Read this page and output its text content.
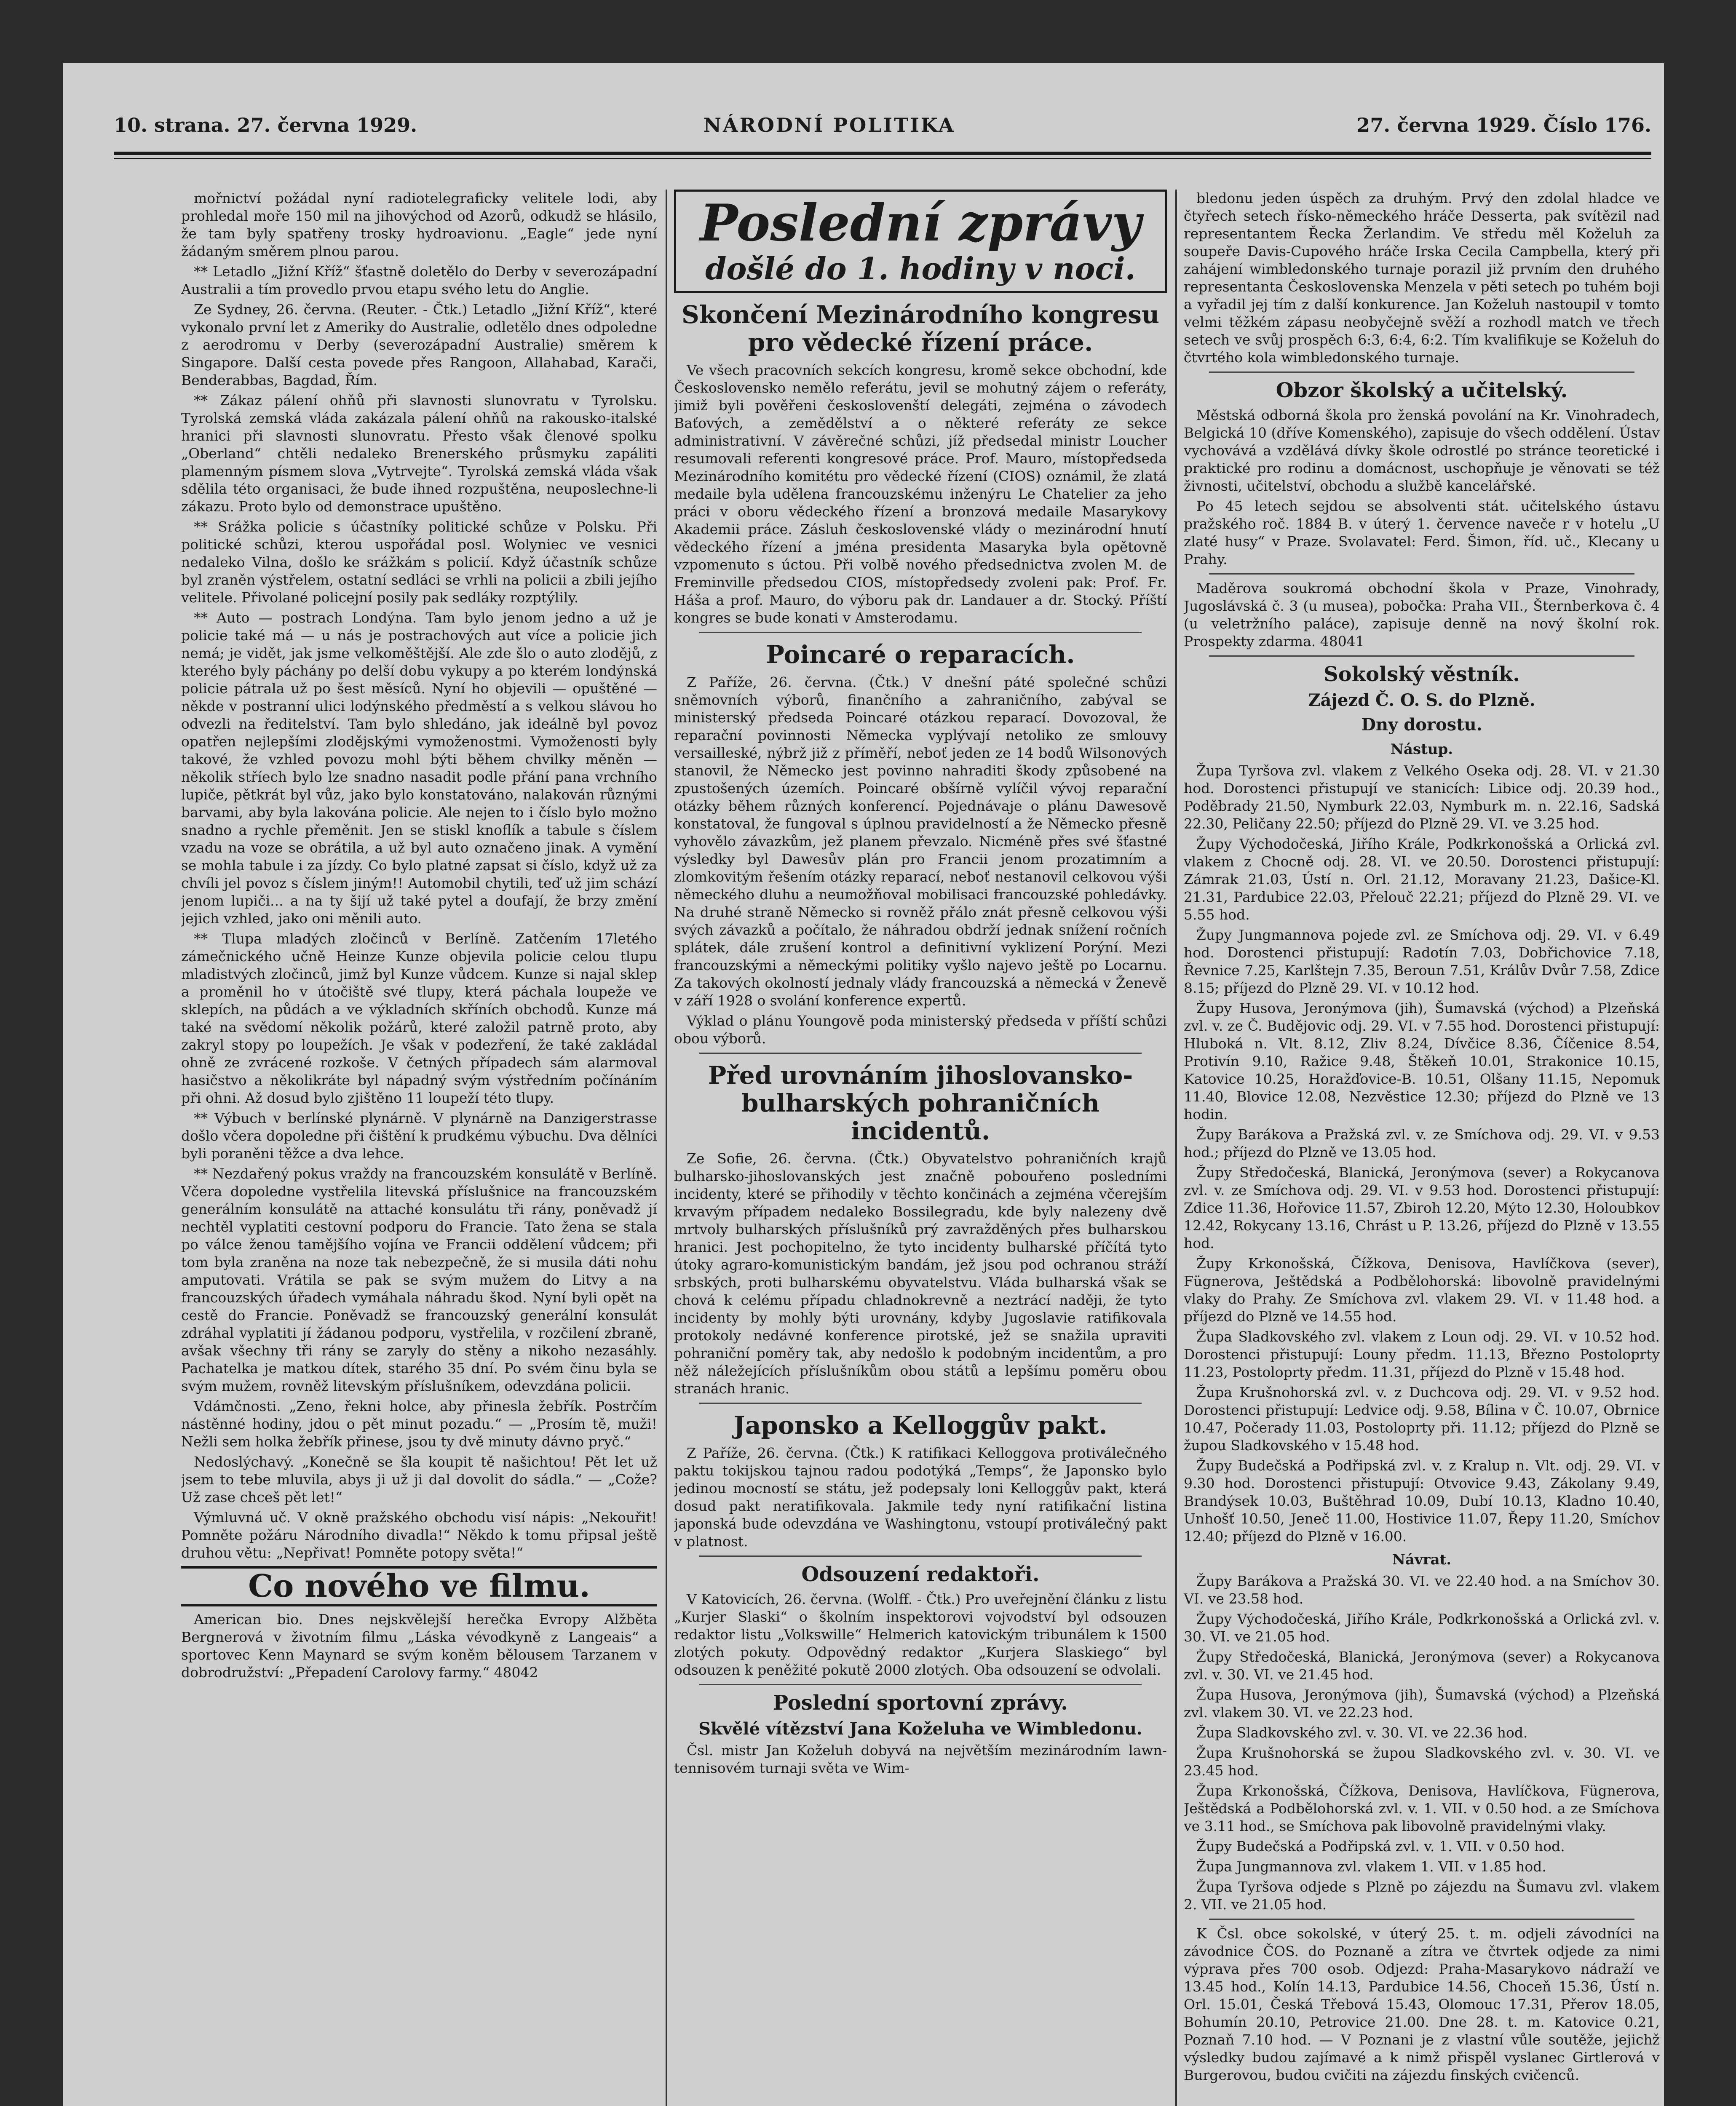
10. strana. 27. června 1929.	NÁRODNÍ POLITIKA	27. června 1929. Číslo 176.

mořnictví požádal nyní radiotelegraficky velitele lodi, aby prohledal moře 150 mil na jihovýchod od Azorů, odkudž se hlásilo, že tam byly spatřeny trosky hydroavionu. „Eagle“ jede nyní žádaným směrem plnou parou.

** Letadlo „Jižní Kříž“ šťastně doletělo do Derby v severozápadní Australii a tím provedlo prvou etapu svého letu do Anglie.

Ze Sydney, 26. června. (Reuter. - Čtk.) Letadlo „Jižní Kříž“, které vykonalo první let z Ameriky do Australie, odletělo dnes odpoledne z aerodromu v Derby (severozápadní Australie) směrem k Singapore. Další cesta povede přes Rangoon, Allahabad, Karači, Benderabbas, Bagdad, Řím.

** Zákaz pálení ohňů při slavnosti slunovratu v Tyrolsku. Tyrolská zemská vláda zakázala pálení ohňů na rakousko-italské hranici při slavnosti slunovratu. Přesto však členové spolku „Oberland“ chtěli nedaleko Brenerského průsmyku zapáliti plamenným písmem slova „Vytrvejte“. Tyrolská zemská vláda však sdělila této organisaci, že bude ihned rozpuštěna, neuposlechne-li zákazu. Proto bylo od demonstrace upuštěno.

** Srážka policie s účastníky politické schůze v Polsku. Při politické schůzi, kterou uspořádal posl. Wolyniec ve vesnici nedaleko Vilna, došlo ke srážkám s policií. Když účastník schůze byl zraněn výstřelem, ostatní sedláci se vrhli na policii a zbili jejího velitele. Přivolané policejní posily pak sedláky rozptýlily.

** Auto — postrach Londýna. Tam bylo jenom jedno a už je policie také má — u nás je postrachových aut více a policie jich nemá; je vidět, jak jsme velkoměštější. Ale zde šlo o auto zlodějů, z kterého byly páchány po delší dobu vykupy a po kterém londýnská policie pátrala už po šest měsíců. Nyní ho objevili — opuštěné — někde v postranní ulici lodýnského předměstí a s velkou slávou ho odvezli na ředitelství. Tam bylo shledáno, jak ideálně byl povoz opatřen nejlepšími zlodějskými vymoženostmi. Vymoženosti byly takové, že vzhled povozu mohl býti během chvilky měněn — několik stříech bylo lze snadno nasadit podle přání pana vrchního lupiče, pětkrát byl vůz, jako bylo konstatováno, nalakován různými barvami, aby byla lakována policie. Ale nejen to i číslo bylo možno snadno a rychle přeměnit. Jen se stiskl knoflík a tabule s číslem vzadu na voze se obrátila, a už byl auto označeno jinak. A vymění se mohla tabule i za jízdy. Co bylo platné zapsat si číslo, když už za chvíli jel povoz s číslem jiným!! Automobil chytili, teď už jim schází jenom lupiči... a na ty šijí už také pytel a doufají, že brzy změní jejich vzhled, jako oni měnili auto.

** Tlupa mladých zločinců v Berlíně. Zatčením 17letého zámečnického učně Heinze Kunze objevila policie celou tlupu mladistvých zločinců, jimž byl Kunze vůdcem. Kunze si najal sklep a proměnil ho v útočiště své tlupy, která páchala loupeže ve sklepích, na půdách a ve výkladních skříních obchodů. Kunze má také na svědomí několik požárů, které založil patrně proto, aby zakryl stopy po loupežích. Je však v podezření, že také zakládal ohně ze zvrácené rozkoše. V četných případech sám alarmoval hasičstvo a několikráte byl nápadný svým výstředním počínáním při ohni. Až dosud bylo zjištěno 11 loupeží této tlupy.

** Výbuch v berlínské plynárně. V plynárně na Danzigerstrasse došlo včera dopoledne při čištění k prudkému výbuchu. Dva dělníci byli poraněni těžce a dva lehce.

** Nezdařený pokus vraždy na francouzském konsulátě v Berlíně. Včera dopoledne vystřelila litevská příslušnice na francouzském generálním konsulátě na attaché konsulátu tři rány, poněvadž jí nechtěl vyplatiti cestovní podporu do Francie. Tato žena se stala po válce ženou tamějšího vojína ve Francii oddělení vůdcem; při tom byla zraněna na noze tak nebezpečně, že si musila dáti nohu amputovati. Vrátila se pak se svým mužem do Litvy a na francouzských úřadech vymáhala náhradu škod. Nyní byli opět na cestě do Francie. Poněvadž se francouzský generální konsulát zdráhal vyplatiti jí žádanou podporu, vystřelila, v rozčilení zbraně, avšak všechny tři rány se zaryly do stěny a nikoho nezasáhly. Pachatelka je matkou dítek, starého 35 dní. Po svém činu byla se svým mužem, rovněž litevským příslušníkem, odevzdána policii.

Vdámčnosti. „Zeno, řekni holce, aby přinesla žebřík. Postrčím nástěnné hodiny, jdou o pět minut pozadu.“ — „Prosím tě, muži! Nežli sem holka žebřík přinese, jsou ty dvě minuty dávno pryč.“

Nedoslýchavý. „Konečně se šla koupit tě našichtou! Pět let už jsem to tebe mluvila, abys ji už ji dal dovolit do sádla.“ — „Cože? Už zase chceš pět let!“

Výmluvná uč. V okně pražského obchodu visí nápis: „Nekouřit! Pomněte požáru Národního divadla!“ Někdo k tomu připsal ještě druhou větu: „Nepřivat! Pomněte potopy světa!“

Co nového ve filmu.

American bio. Dnes nejskvělejší herečka Evropy Alžběta Bergnerová v životním filmu „Láska vévodkyně z Langeais“ a sportovec Kenn Maynard se svým koněm bělousem Tarzanem v dobrodružství: „Přepadení Carolovy farmy.“ 48042

Poslední zprávy
došlé do 1. hodiny v noci.
Skončení Mezinárodního kongresu pro vědecké řízení práce.

Ve všech pracovních sekcích kongresu, kromě sekce obchodní, kde Československo nemělo referátu, jevil se mohutný zájem o referáty, jimiž byli pověřeni českoslovenští delegáti, zejména o závodech Baťových, a zemědělství a o některé referáty ze sekce administrativní. V závěrečné schůzi, jíž předsedal ministr Loucher resumovali referenti kongresové práce. Prof. Mauro, místopředseda Mezinárodního komitétu pro vědecké řízení (CIOS) oznámil, že zlatá medaile byla udělena francouzskému inženýru Le Chatelier za jeho práci v oboru vědeckého řízení a bronzová medaile Masarykovy Akademii práce. Zásluh československé vlády o mezinárodní hnutí vědeckého řízení a jména presidenta Masaryka byla opětovně vzpomenuto s úctou. Při volbě nového předsednictva zvolen M. de Freminville předsedou CIOS, místopředsedy zvoleni pak: Prof. Fr. Háša a prof. Mauro, do výboru pak dr. Landauer a dr. Stocký. Příští kongres se bude konati v Amsterodamu.

Poincaré o reparacích.

Z Paříže, 26. června. (Čtk.) V dnešní páté společné schůzi sněmovních výborů, finančního a zahraničního, zabýval se ministerský předseda Poincaré otázkou reparací. Dovozoval, že reparační povinnosti Německa vyplývají netoliko ze smlouvy versailleské, nýbrž již z příměří, neboť jeden ze 14 bodů Wilsonových stanovil, že Německo jest povinno nahraditi škody způsobené na zpustošených územích. Poincaré obšírně vylíčil vývoj reparační otázky během různých konferencí. Pojednávaje o plánu Dawesově konstatoval, že fungoval s úplnou pravidelností a že Německo přesně vyhovělo závazkům, jež planem převzalo. Nicméně přes své šťastné výsledky byl Dawesův plán pro Francii jenom prozatimním a zlomkovitým řešením otázky reparací, neboť nestanovil celkovou výši německého dluhu a neumožňoval mobilisaci francouzské pohledávky. Na druhé straně Německo si rovněž přálo znát přesně celkovou výši svých závazků a počítalo, že náhradou obdrží jednak snížení ročních splátek, dále zrušení kontrol a definitivní vyklizení Porýní. Mezi francouzskými a německými politiky vyšlo najevo ještě po Locarnu. Za takových okolností jednaly vlády francouzská a německá v Ženevě v září 1928 o svolání konference expertů.

Výklad o plánu Youngově poda ministerský předseda v příští schůzi obou výborů.

Před urovnáním jihoslovansko-bulharských pohraničních incidentů.

Ze Sofie, 26. června. (Čtk.) Obyvatelstvo pohraničních krajů bulharsko-jihoslovanských jest značně pobouřeno posledními incidenty, které se přihodily v těchto končinách a zejména včerejším krvavým případem nedaleko Bossilegradu, kde byly nalezeny dvě mrtvoly bulharských příslušníků prý zavražděných přes bulharskou hranici. Jest pochopitelno, že tyto incidenty bulharské příčítá tyto útoky agraro-komunistickým bandám, jež jsou pod ochranou stráží srbských, proti bulharskému obyvatelstvu. Vláda bulharská však se chová k celému případu chladnokrevně a neztrácí naději, že tyto incidenty by mohly býti urovnány, kdyby Jugoslavie ratifikovala protokoly nedávné konference pirotské, jež se snažila upraviti pohraniční poměry tak, aby nedošlo k podobným incidentům, a pro něž náležejících příslušníkům obou států a lepšímu poměru obou stranách hranic.

Japonsko a Kelloggův pakt.

Z Paříže, 26. června. (Čtk.) K ratifikaci Kelloggova protiválečného paktu tokijskou tajnou radou podotýká „Temps“, že Japonsko bylo jedinou mocností se státu, jež podepsaly loni Kelloggův pakt, která dosud pakt neratifikovala. Jakmile tedy nyní ratifikační listina japonská bude odevzdána ve Washingtonu, vstoupí protiválečný pakt v platnost.

Odsouzení redaktoři.

V Katovicích, 26. června. (Wolff. - Čtk.) Pro uveřejnění článku z listu „Kurjer Slaski“ o školním inspektorovi vojvodství byl odsouzen redaktor listu „Volkswille“ Helmerich katovickým tribunálem k 1500 zlotých pokuty. Odpovědný redaktor „Kurjera Slaskiego“ byl odsouzen k peněžité pokutě 2000 zlotých. Oba odsouzení se odvolali.

Poslední sportovní zprávy.
Skvělé vítězství Jana Koželuha ve Wimbledonu.

Čsl. mistr Jan Koželuh dobyvá na největším mezinárodním lawn-tennisovém turnaji světa ve Wim-

bledonu jeden úspěch za druhým. Prvý den zdolal hladce ve čtyřech setech řísko-německého hráče Desserta, pak svítězil nad representantem Řecka Žerlandim. Ve středu měl Koželuh za soupeře Davis-Cupového hráče Irska Cecila Campbella, který při zahájení wimbledonského turnaje porazil již prvním den druhého representanta Československa Menzela v pěti setech po tuhém boji a vyřadil jej tím z další konkurence. Jan Koželuh nastoupil v tomto velmi těžkém zápasu neobyčejně svěží a rozhodl match ve třech setech ve svůj prospěch 6:3, 6:4, 6:2. Tím kvalifikuje se Koželuh do čtvrtého kola wimbledonského turnaje.

Obzor školský a učitelský.

Městská odborná škola pro ženská povolání na Kr. Vinohradech, Belgická 10 (dříve Komenského), zapisuje do všech oddělení. Ústav vychovává a vzdělává dívky škole odrostlé po stránce teoretické i praktické pro rodinu a domácnost, uschopňuje je věnovati se též živnosti, učitelství, obchodu a službě kancelářské.

Po 45 letech sejdou se absolventi stát. učitelského ústavu pražského roč. 1884 B. v úterý 1. července naveče r v hotelu „U zlaté husy“ v Praze. Svolavatel: Ferd. Šimon, říd. uč., Klecany u Prahy.

Maděrova soukromá obchodní škola v Praze, Vinohrady, Jugoslávská č. 3 (u musea), pobočka: Praha VII., Šternberkova č. 4 (u veletržního paláce), zapisuje denně na nový školní rok. Prospekty zdarma. 48041

Sokolský věstník.
Zájezd Č. O. S. do Plzně.
Dny dorostu.
Nástup.

Župa Tyršova zvl. vlakem z Velkého Oseka odj. 28. VI. v 21.30 hod. Dorostenci přistupují ve stanicích: Libice odj. 20.39 hod., Poděbrady 21.50, Nymburk 22.03, Nymburk m. n. 22.16, Sadská 22.30, Peličany 22.50; příjezd do Plzně 29. VI. ve 3.25 hod.

Župy Východočeská, Jiřího Krále, Podkrkonošská a Orlická zvl. vlakem z Chocně odj. 28. VI. ve 20.50. Dorostenci přistupují: Zámrak 21.03, Ústí n. Orl. 21.12, Moravany 21.23, Dašice-Kl. 21.31, Pardubice 22.03, Přelouč 22.21; příjezd do Plzně 29. VI. ve 5.55 hod.

Župy Jungmannova pojede zvl. ze Smíchova odj. 29. VI. v 6.49 hod. Dorostenci přistupují: Radotín 7.03, Dobřichovice 7.18, Řevnice 7.25, Karlštejn 7.35, Beroun 7.51, Králův Dvůr 7.58, Zdice 8.15; příjezd do Plzně 29. VI. v 10.12 hod.

Župy Husova, Jeronýmova (jih), Šumavská (východ) a Plzeňská zvl. v. ze Č. Budějovic odj. 29. VI. v 7.55 hod. Dorostenci přistupují: Hluboká n. Vlt. 8.12, Zliv 8.24, Dívčice 8.36, Číčenice 8.54, Protivín 9.10, Ražice 9.48, Štěkeň 10.01, Strakonice 10.15, Katovice 10.25, Horažďovice-B. 10.51, Olšany 11.15, Nepomuk 11.40, Blovice 12.08, Nezvěstice 12.30; příjezd do Plzně ve 13 hodin.

Župy Barákova a Pražská zvl. v. ze Smíchova odj. 29. VI. v 9.53 hod.; příjezd do Plzně ve 13.05 hod.

Župy Středočeská, Blanická, Jeronýmova (sever) a Rokycanova zvl. v. ze Smíchova odj. 29. VI. v 9.53 hod. Dorostenci přistupují: Zdice 11.36, Hořovice 11.57, Zbiroh 12.20, Mýto 12.30, Holoubkov 12.42, Rokycany 13.16, Chrást u P. 13.26, příjezd do Plzně v 13.55 hod.

Župy Krkonošská, Čížkova, Denisova, Havlíčkova (sever), Fügnerova, Ještědská a Podbělohorská: libovolně pravidelnými vlaky do Prahy. Ze Smíchova zvl. vlakem 29. VI. v 11.48 hod. a příjezd do Plzně ve 14.55 hod.

Župa Sladkovského zvl. vlakem z Loun odj. 29. VI. v 10.52 hod. Dorostenci přistupují: Louny předm. 11.13, Březno Postoloprty 11.23, Postoloprty předm. 11.31, příjezd do Plzně v 15.48 hod.

Župa Krušnohorská zvl. v. z Duchcova odj. 29. VI. v 9.52 hod. Dorostenci přistupují: Ledvice odj. 9.58, Bílina v Č. 10.07, Obrnice 10.47, Počerady 11.03, Postoloprty při. 11.12; příjezd do Plzně se župou Sladkovského v 15.48 hod.

Župy Budečská a Podřipská zvl. v. z Kralup n. Vlt. odj. 29. VI. v 9.30 hod. Dorostenci přistupují: Otvovice 9.43, Zákolany 9.49, Brandýsek 10.03, Buštěhrad 10.09, Dubí 10.13, Kladno 10.40, Unhošť 10.50, Jeneč 11.00, Hostivice 11.07, Řepy 11.20, Smíchov 12.40; příjezd do Plzně v 16.00.

Návrat.

Župy Barákova a Pražská 30. VI. ve 22.40 hod. a na Smíchov 30. VI. ve 23.58 hod.

Župy Východočeská, Jiřího Krále, Podkrkonošská a Orlická zvl. v. 30. VI. ve 21.05 hod.

Župy Středočeská, Blanická, Jeronýmova (sever) a Rokycanova zvl. v. 30. VI. ve 21.45 hod.

Župa Husova, Jeronýmova (jih), Šumavská (východ) a Plzeňská zvl. vlakem 30. VI. ve 22.23 hod.

Župa Sladkovského zvl. v. 30. VI. ve 22.36 hod.

Župa Krušnohorská se župou Sladkovského zvl. v. 30. VI. ve 23.45 hod.

Župa Krkonošská, Čížkova, Denisova, Havlíčkova, Fügnerova, Ještědská a Podbělohorská zvl. v. 1. VII. v 0.50 hod. a ze Smíchova ve 3.11 hod., se Smíchova pak libovolně pravidelnými vlaky.

Župy Budečská a Podřipská zvl. v. 1. VII. v 0.50 hod.

Župa Jungmannova zvl. vlakem 1. VII. v 1.85 hod.

Župa Tyršova odjede s Plzně po zájezdu na Šumavu zvl. vlakem 2. VII. ve 21.05 hod.

K Čsl. obce sokolské, v úterý 25. t. m. odjeli závodníci na závodnice ČOS. do Poznaně a zítra ve čtvrtek odjede za nimi výprava přes 700 osob. Odjezd: Praha-Masarykovo nádraží ve 13.45 hod., Kolín 14.13, Pardubice 14.56, Choceň 15.36, Ústí n. Orl. 15.01, Česká Třebová 15.43, Olomouc 17.31, Přerov 18.05, Bohumín 20.10, Petrovice 21.00. Dne 28. t. m. Katovice 0.21, Poznaň 7.10 hod. — V Poznani je z vlastní vůle soutěže, jejichž výsledky budou zajímavé a k nimž přispěl vyslanec Girtlerová v Burgerovou, budou cvičiti na zájezdu finských cvičenců.
